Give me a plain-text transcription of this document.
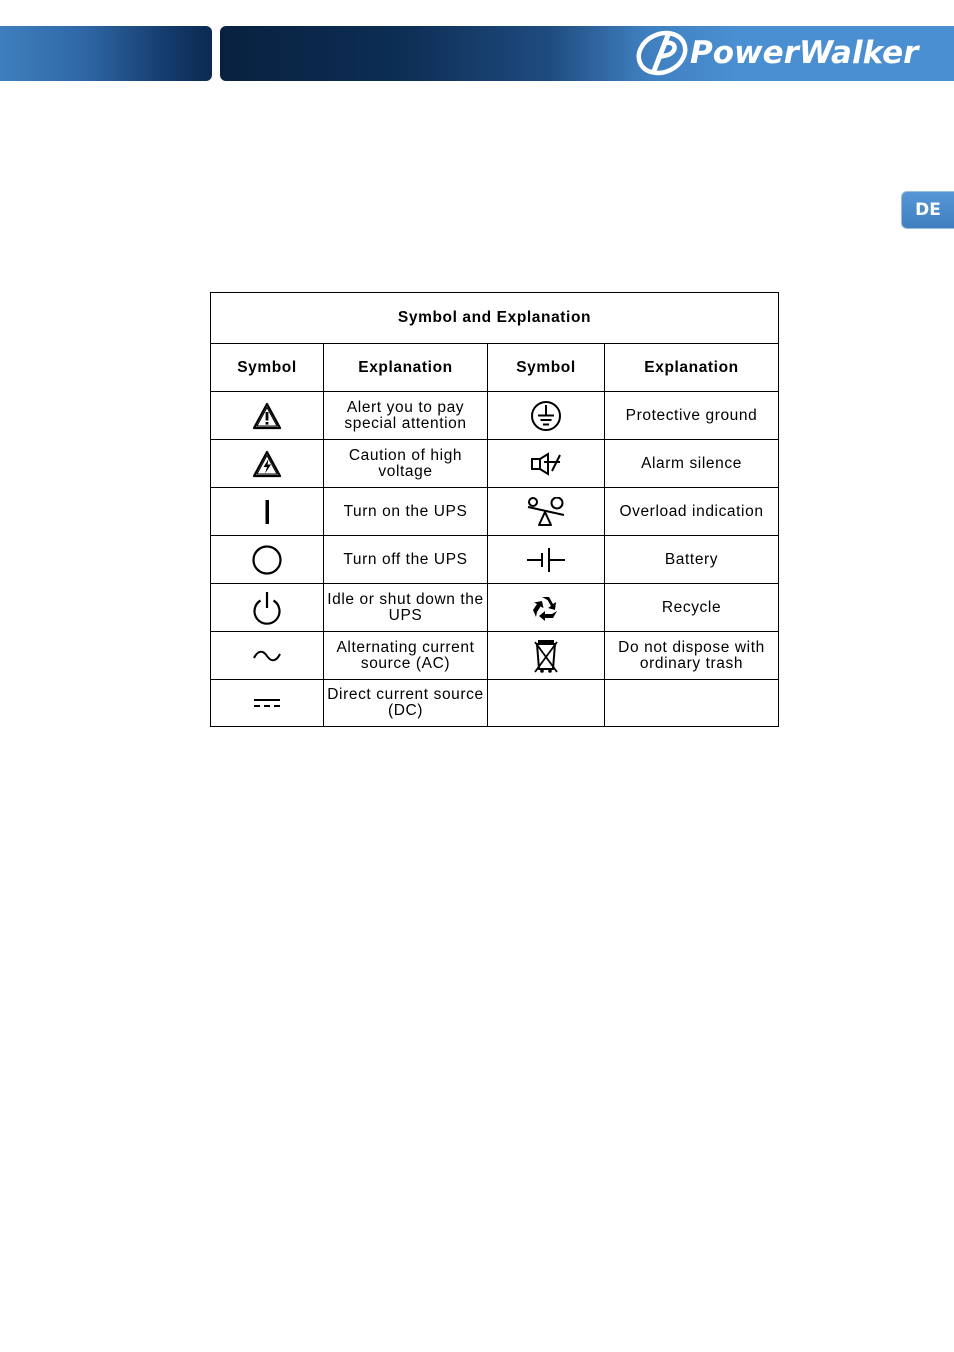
PowerWalker
DE
Symbol and Explanation			
Symbol	Explanation	Symbol	Explanation

	Alert you to pay special attention		Protective ground

	Caution of high voltage		Alarm silence

	Turn on the UPS		Overload indication

	Turn off the UPS		Battery

	Idle or shut down the UPS		Recycle

	Alternating current source (AC)		Do not dispose with ordinary trash

	Direct current source (DC)		
